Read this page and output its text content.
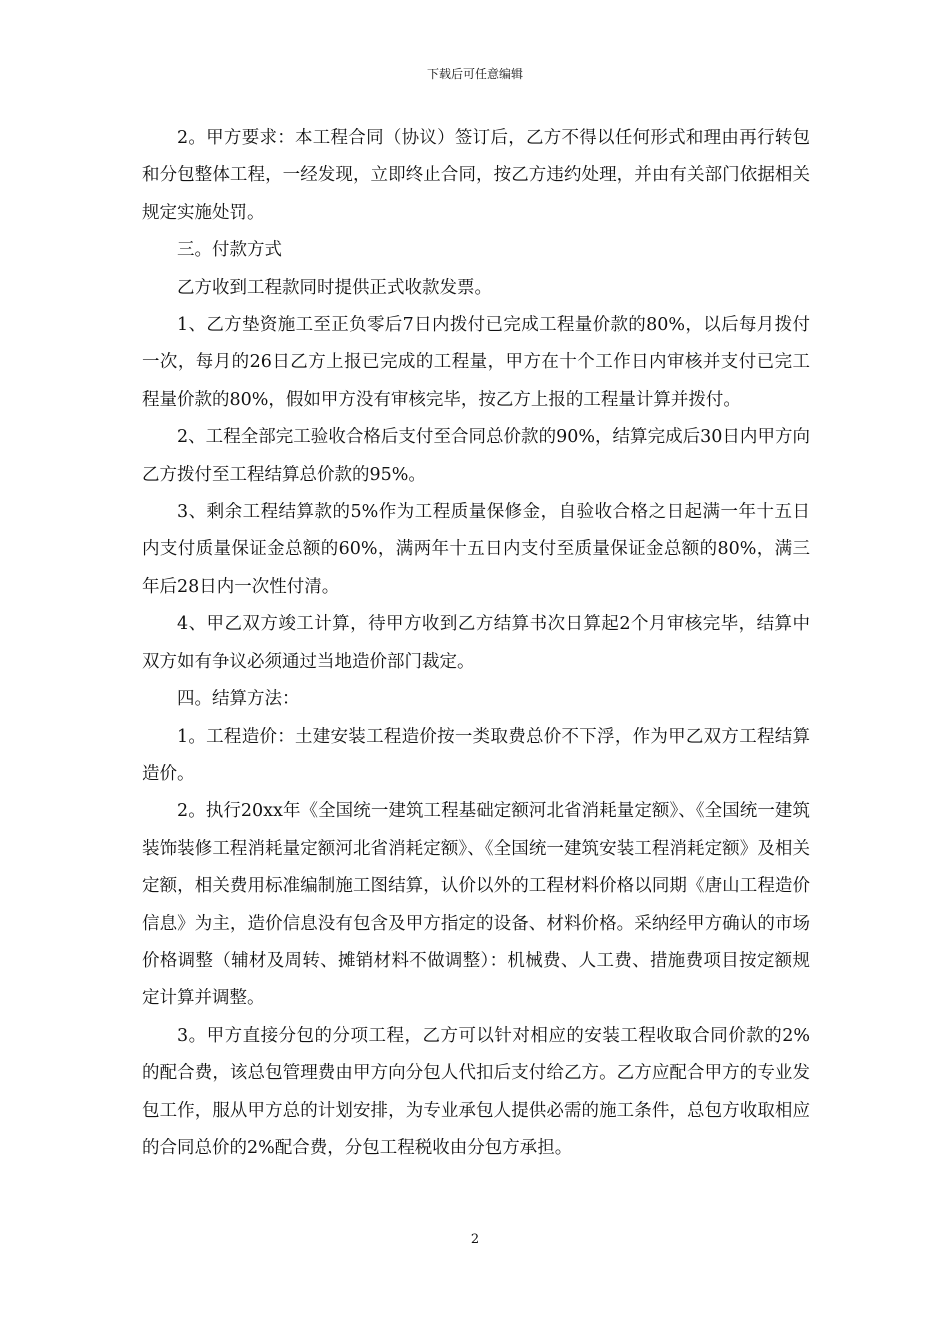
下载后可任意编辑

2。甲方要求：本工程合同（协议）签订后，乙方不得以任何形式和理由再行转包和分包整体工程，一经发现，立即终止合同，按乙方违约处理，并由有关部门依据相关规定实施处罚。

三。付款方式

乙方收到工程款同时提供正式收款发票。

1、乙方垫资施工至正负零后7日内拨付已完成工程量价款的80%，以后每月拨付一次，每月的26日乙方上报已完成的工程量，甲方在十个工作日内审核并支付已完工程量价款的80%，假如甲方没有审核完毕，按乙方上报的工程量计算并拨付。

2、工程全部完工验收合格后支付至合同总价款的90%，结算完成后30日内甲方向乙方拨付至工程结算总价款的95%。

3、剩余工程结算款的5%作为工程质量保修金，自验收合格之日起满一年十五日内支付质量保证金总额的60%，满两年十五日内支付至质量保证金总额的80%，满三年后28日内一次性付清。

4、甲乙双方竣工计算，待甲方收到乙方结算书次日算起2个月审核完毕，结算中双方如有争议必须通过当地造价部门裁定。

四。结算方法：

1。工程造价：土建安装工程造价按一类取费总价不下浮，作为甲乙双方工程结算造价。

2。执行20xx年《全国统一建筑工程基础定额河北省消耗量定额》、《全国统一建筑装饰装修工程消耗量定额河北省消耗定额》、《全国统一建筑安装工程消耗定额》及相关定额，相关费用标准编制施工图结算，认价以外的工程材料价格以同期《唐山工程造价信息》为主，造价信息没有包含及甲方指定的设备、材料价格。采纳经甲方确认的市场价格调整（辅材及周转、摊销材料不做调整）：机械费、人工费、措施费项目按定额规定计算并调整。

3。甲方直接分包的分项工程，乙方可以针对相应的安装工程收取合同价款的2%的配合费，该总包管理费由甲方向分包人代扣后支付给乙方。乙方应配合甲方的专业发包工作，服从甲方总的计划安排，为专业承包人提供必需的施工条件，总包方收取相应的合同总价的2%配合费，分包工程税收由分包方承担。

2
